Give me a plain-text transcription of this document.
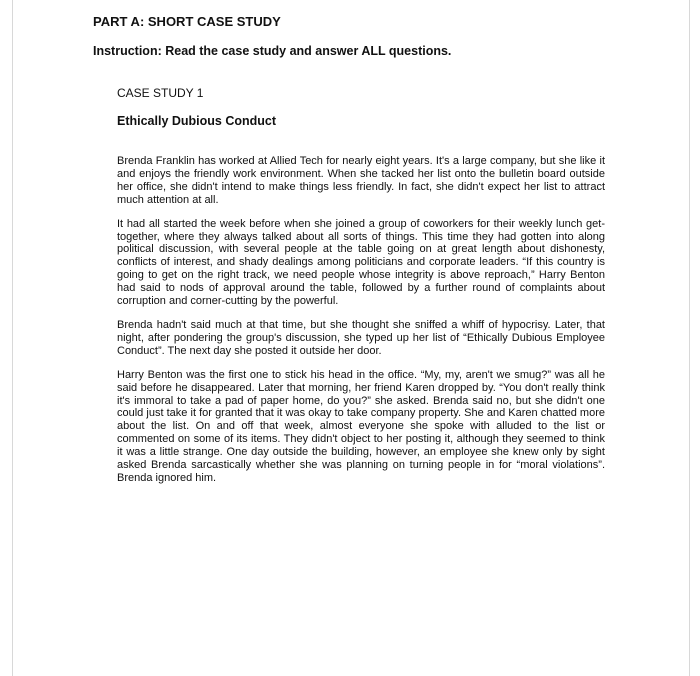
PART A: SHORT CASE STUDY

Instruction: Read the case study and answer ALL questions.

CASE STUDY 1

Ethically Dubious Conduct

Brenda Franklin has worked at Allied Tech for nearly eight years. It's a large company, but she like it and enjoys the friendly work environment. When she tacked her list onto the bulletin board outside her office, she didn't intend to make things less friendly. In fact, she didn't expect her list to attract much attention at all.

It had all started the week before when she joined a group of coworkers for their weekly lunch get-together, where they always talked about all sorts of things. This time they had gotten into along political discussion, with several people at the table going on at great length about dishonesty, conflicts of interest, and shady dealings among politicians and corporate leaders. “If this country is going to get on the right track, we need people whose integrity is above reproach,” Harry Benton had said to nods of approval around the table, followed by a further round of complaints about corruption and corner-cutting by the powerful.

Brenda hadn't said much at that time, but she thought she sniffed a whiff of hypocrisy. Later, that night, after pondering the group's discussion, she typed up her list of “Ethically Dubious Employee Conduct”. The next day she posted it outside her door.

Harry Benton was the first one to stick his head in the office. “My, my, aren't we smug?” was all he said before he disappeared. Later that morning, her friend Karen dropped by. “You don't really think it's immoral to take a pad of paper home, do you?” she asked. Brenda said no, but she didn't one could just take it for granted that it was okay to take company property. She and Karen chatted more about the list. On and off that week, almost everyone she spoke with alluded to the list or commented on some of its items. They didn't object to her posting it, although they seemed to think it was a little strange. One day outside the building, however, an employee she knew only by sight asked Brenda sarcastically whether she was planning on turning people in for “moral violations”. Brenda ignored him.
